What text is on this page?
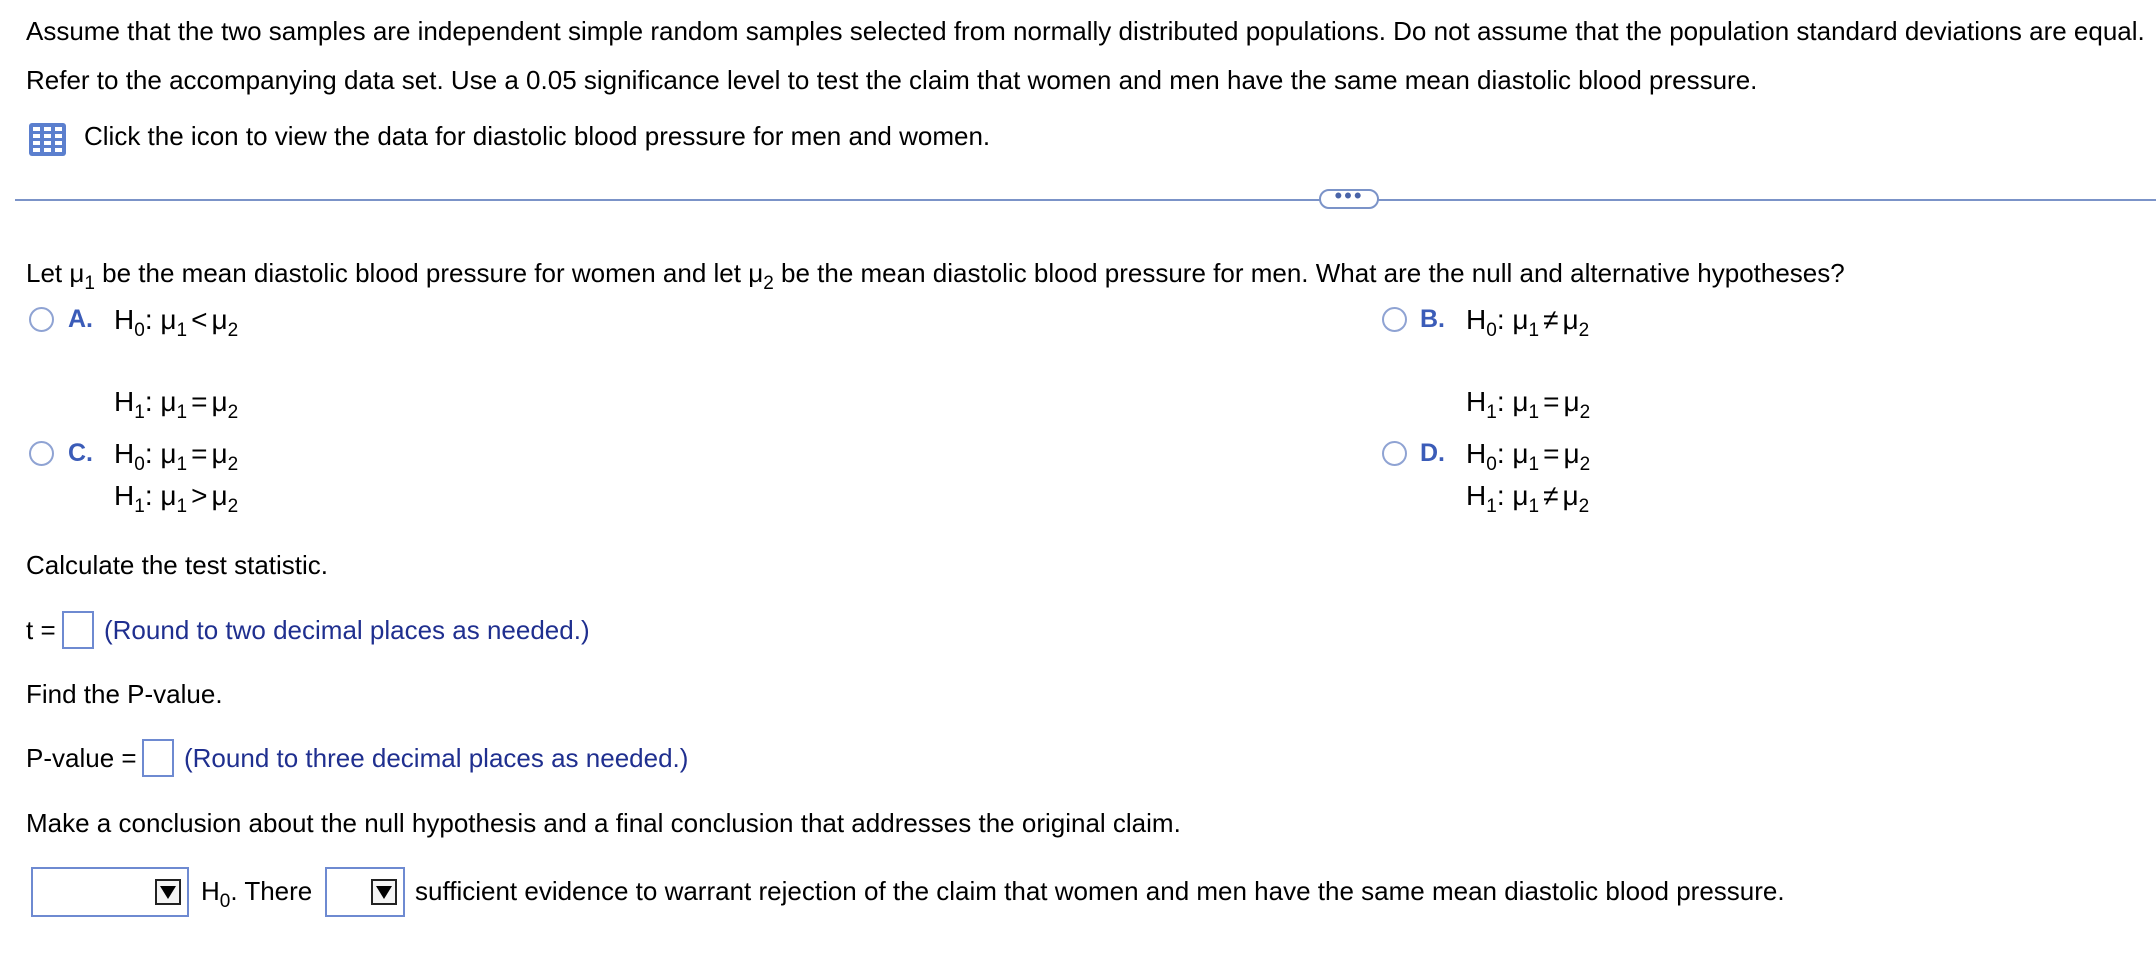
Assume that the two samples are independent simple random samples selected from normally distributed populations. Do not assume that the population standard deviations are equal.
Refer to the accompanying data set. Use a 0.05 significance level to test the claim that women and men have the same mean diastolic blood pressure.
Click the icon to view the data for diastolic blood pressure for men and women.
•••
Let $\mu_1$ be the mean diastolic blood pressure for women and let $\mu_2$ be the mean diastolic blood pressure for men. What are the null and alternative hypotheses?
A. $H_0$: $\mu_1 < \mu_2$
$H_1$: $\mu_1 = \mu_2$
B. $H_0$: $\mu_1 \ne \mu_2$
$H_1$: $\mu_1 = \mu_2$
C. $H_0$: $\mu_1 = \mu_2$
$H_1$: $\mu_1 > \mu_2$
D. $H_0$: $\mu_1 = \mu_2$
$H_1$: $\mu_1 \ne \mu_2$
Calculate the test statistic.
t = (Round to two decimal places as needed.)
Find the P-value.
P-value = (Round to three decimal places as needed.)
Make a conclusion about the null hypothesis and a final conclusion that addresses the original claim.
$H_0$. There	sufficient evidence to warrant rejection of the claim that women and men have the same mean diastolic blood pressure.
